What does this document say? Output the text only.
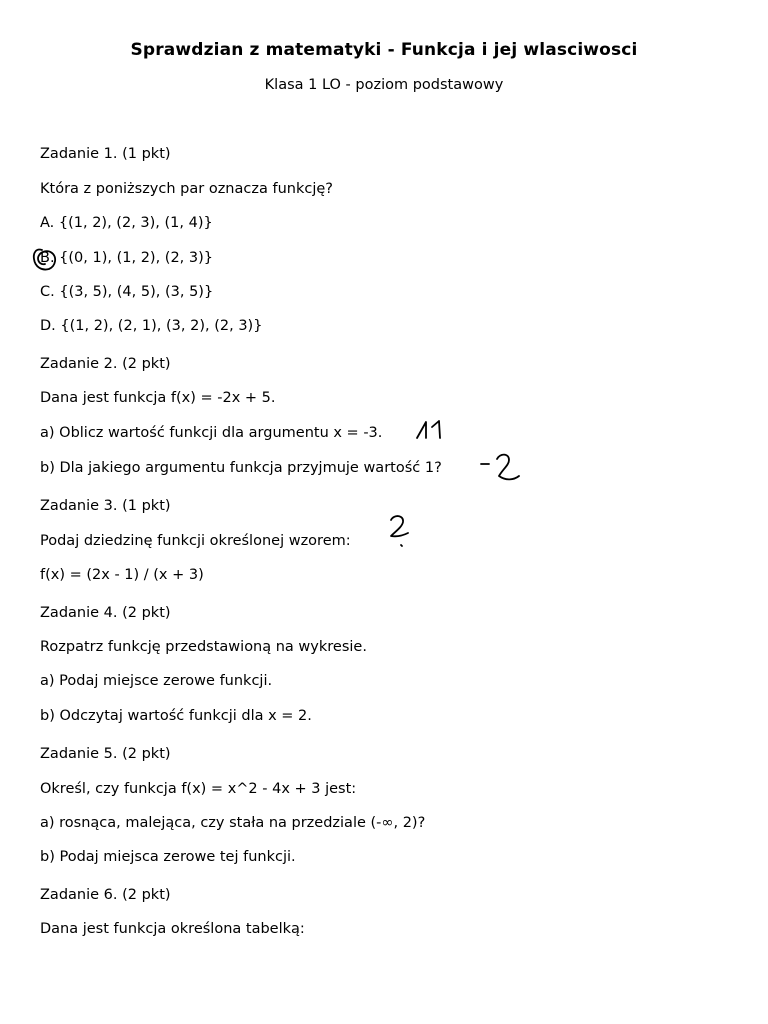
Sprawdzian z matematyki - Funkcja i jej wlasciwosci
Klasa 1 LO - poziom podstawowy
Zadanie 1. (1 pkt)
Która z poniższych par oznacza funkcję?
A. {(1, 2), (2, 3), (1, 4)}
B. {(0, 1), (1, 2), (2, 3)}
C. {(3, 5), (4, 5), (3, 5)}
D. {(1, 2), (2, 1), (3, 2), (2, 3)}
Zadanie 2. (2 pkt)
Dana jest funkcja f(x) = -2x + 5.
a) Oblicz wartość funkcji dla argumentu x = -3.
b) Dla jakiego argumentu funkcja przyjmuje wartość 1?
Zadanie 3. (1 pkt)
Podaj dziedzinę funkcji określonej wzorem:
f(x) = (2x - 1) / (x + 3)
Zadanie 4. (2 pkt)
Rozpatrz funkcję przedstawioną na wykresie.
a) Podaj miejsce zerowe funkcji.
b) Odczytaj wartość funkcji dla x = 2.
Zadanie 5. (2 pkt)
Określ, czy funkcja f(x) = x^2 - 4x + 3 jest:
a) rosnąca, malejąca, czy stała na przedziale (-∞, 2)?
b) Podaj miejsca zerowe tej funkcji.
Zadanie 6. (2 pkt)
Dana jest funkcja określona tabelką:
